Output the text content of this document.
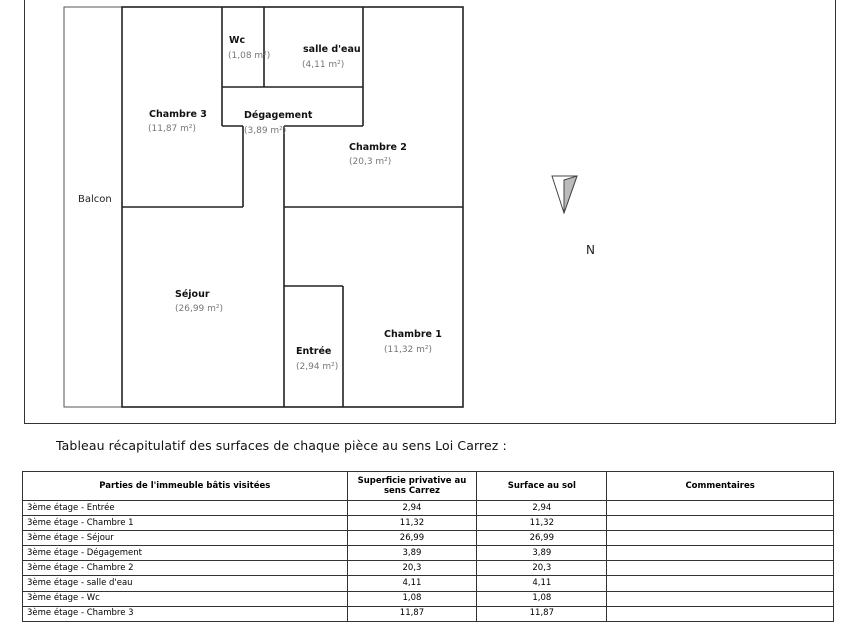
Balcon
Wc
(1,08 m²)
salle d'eau
(4,11 m²)
Chambre 3
(11,87 m²)
Dégagement
(3,89 m²)
Chambre 2
(20,3 m²)
Séjour
(26,99 m²)
Entrée
(2,94 m²)
Chambre 1
(11,32 m²)
N
Tableau récapitulatif des surfaces de chaque pièce au sens Loi Carrez :
Parties de l'immeuble bâtis visitées	Superficie privative au sens Carrez	Surface au sol	Commentaires
3ème étage - Entrée	2,94	2,94	
3ème étage - Chambre 1	11,32	11,32	
3ème étage - Séjour	26,99	26,99	
3ème étage - Dégagement	3,89	3,89	
3ème étage - Chambre 2	20,3	20,3	
3ème étage - salle d'eau	4,11	4,11	
3ème étage - Wc	1,08	1,08	
3ème étage - Chambre 3	11,87	11,87	
